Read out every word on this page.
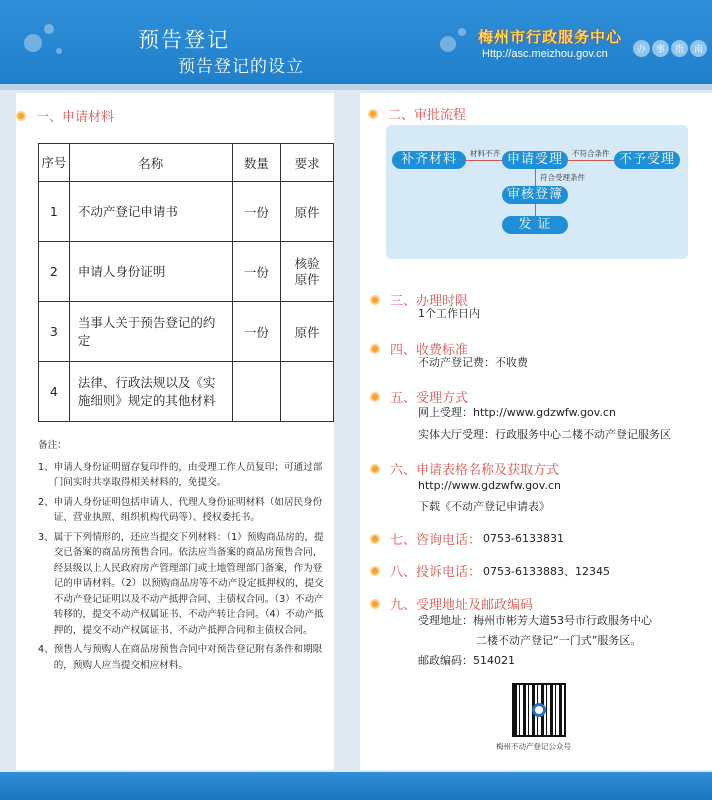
预告登记
预告登记的设立
梅州市行政服务中心
Http://asc.meizhou.gov.cn	办	事	指	南
一、申请材料
序号	名称	数量	要求
1	不动产登记申请书	一份	原件
2	申请人身份证明	一份	核验原件
3	当事人关于预告登记的约定	一份	原件
4	法律、行政法规以及《实施细则》规定的其他材料		
备注：
1、 申请人身份证明留存复印件的，由受理工作人员复印；可通过部门间实时共享取得相关材料的，免提交。
2、 申请人身份证明包括申请人、代理人身份证明材料（如居民身份证、营业执照、组织机构代码等）、授权委托书。
3、 属于下列情形的，还应当提交下列材料：（1）预购商品房的，提交已备案的商品房预售合同。依法应当备案的商品房预售合同，经县级以上人民政府房产管理部门或土地管理部门备案，作为登记的申请材料。（2）以预购商品房等不动产设定抵押权的，提交不动产登记证明以及不动产抵押合同、主债权合同。（3）不动产转移的，提交不动产权属证书、不动产转让合同。（4）不动产抵押的，提交不动产权属证书、不动产抵押合同和主债权合同。
4、 预售人与预购人在商品房预售合同中对预告登记附有条件和期限的，预购人应当提交相应材料。
二、审批流程
补齐材料	申请受理	不予受理
审核登簿
发 证
材料不齐	不符合条件
符合受理条件
三、办理时限
1个工作日内
四、收费标准
不动产登记费：不收费
五、受理方式
网上受理：http://www.gdzwfw.gov.cn
实体大厅受理：行政服务中心二楼不动产登记服务区
六、申请表格名称及获取方式
http://www.gdzwfw.gov.cn
下载《不动产登记申请表》
七、咨询电话： 0753-6133831
八、投诉电话： 0753-6133883、12345
九、受理地址及邮政编码
受理地址：梅州市彬芳大道53号市行政服务中心
二楼不动产登记“一门式”服务区。
邮政编码：514021
梅州不动产登记公众号
